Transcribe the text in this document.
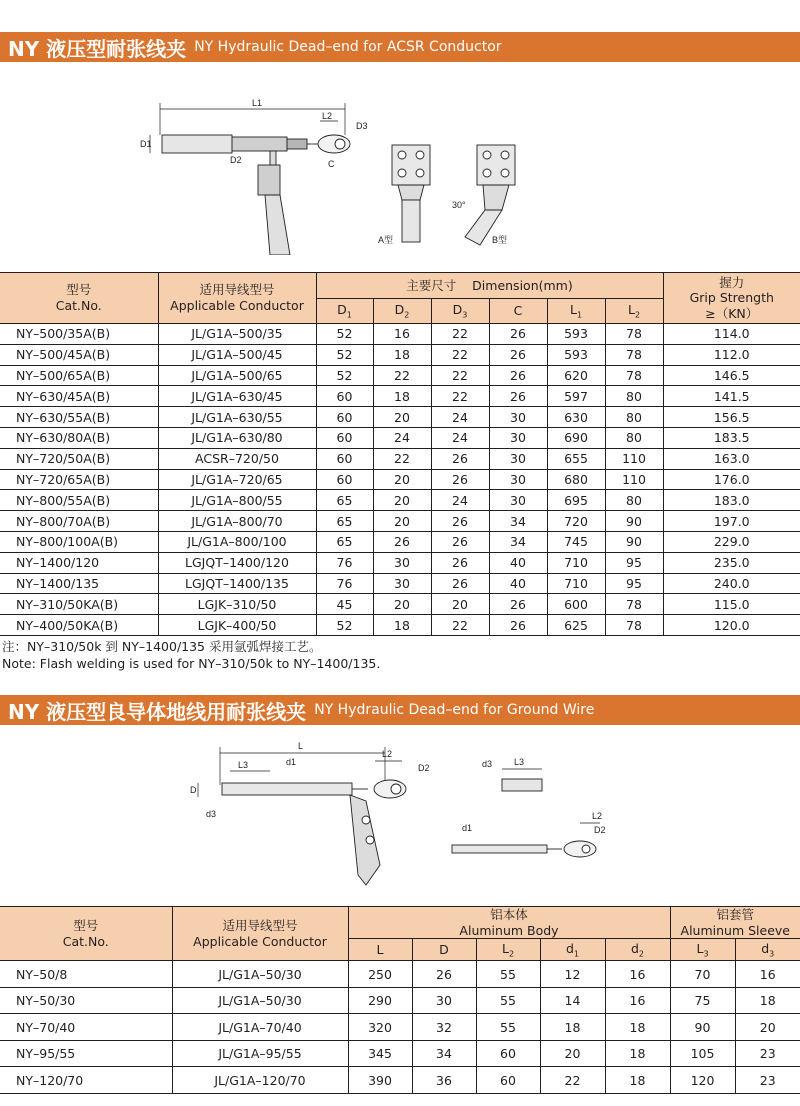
NY 液压型耐张线夹 NY Hydraulic Dead–end for ACSR Conductor
L1
L2
D1
D2	C
D3
A型	B型
30°
型号
Cat.No.	适用导线型号
Applicable Conductor	主要尺寸 Dimension(mm)						握力
Grip Strength
≥（KN）
		$D_1$	$D_2$	$D_3$	C	$L_1$	$L_2$
NY–500/35A(B)	JL/G1A–500/35	52	16	22	26	593	78	114.0
NY–500/45A(B)	JL/G1A–500/45	52	18	22	26	593	78	112.0
NY–500/65A(B)	JL/G1A–500/65	52	22	22	26	620	78	146.5
NY–630/45A(B)	JL/G1A–630/45	60	18	22	26	597	80	141.5
NY–630/55A(B)	JL/G1A–630/55	60	20	24	30	630	80	156.5
NY–630/80A(B)	JL/G1A–630/80	60	24	24	30	690	80	183.5
NY–720/50A(B)	ACSR–720/50	60	22	26	30	655	110	163.0
NY–720/65A(B)	JL/G1A–720/65	60	20	26	30	680	110	176.0
NY–800/55A(B)	JL/G1A–800/55	65	20	24	30	695	80	183.0
NY–800/70A(B)	JL/G1A–800/70	65	20	26	34	720	90	197.0
NY–800/100A(B)	JL/G1A–800/100	65	26	26	34	745	90	229.0
NY–1400/120	LGJQT–1400/120	76	30	26	40	710	95	235.0
NY–1400/135	LGJQT–1400/135	76	30	26	40	710	95	240.0
NY–310/50KA(B)	LGJK–310/50	45	20	20	26	600	78	115.0
NY–400/50KA(B)	LGJK–400/50	52	18	22	26	625	78	120.0
注：NY–310/50k 到 NY–1400/135 采用氩弧焊接工艺。
Note: Flash welding is used for NY–310/50k to NY–1400/135.
NY 液压型良导体地线用耐张线夹 NY Hydraulic Dead–end for Ground Wire
L
L3	d1
L2
D2
D
d3
d3 L3
d1
L2
D2
型号
Cat.No.	适用导线型号
Applicable Conductor	铝本体
Aluminum Body					铝套管
Aluminum Sleeve	
		L	D	$L_2$	$d_1$	$d_2$	$L_3$	$d_3$
NY–50/8	JL/G1A–50/30	250	26	55	12	16	70	16
NY–50/30	JL/G1A–50/30	290	30	55	14	16	75	18
NY–70/40	JL/G1A–70/40	320	32	55	18	18	90	20
NY–95/55	JL/G1A–95/55	345	34	60	20	18	105	23
NY–120/70	JL/G1A–120/70	390	36	60	22	18	120	23
